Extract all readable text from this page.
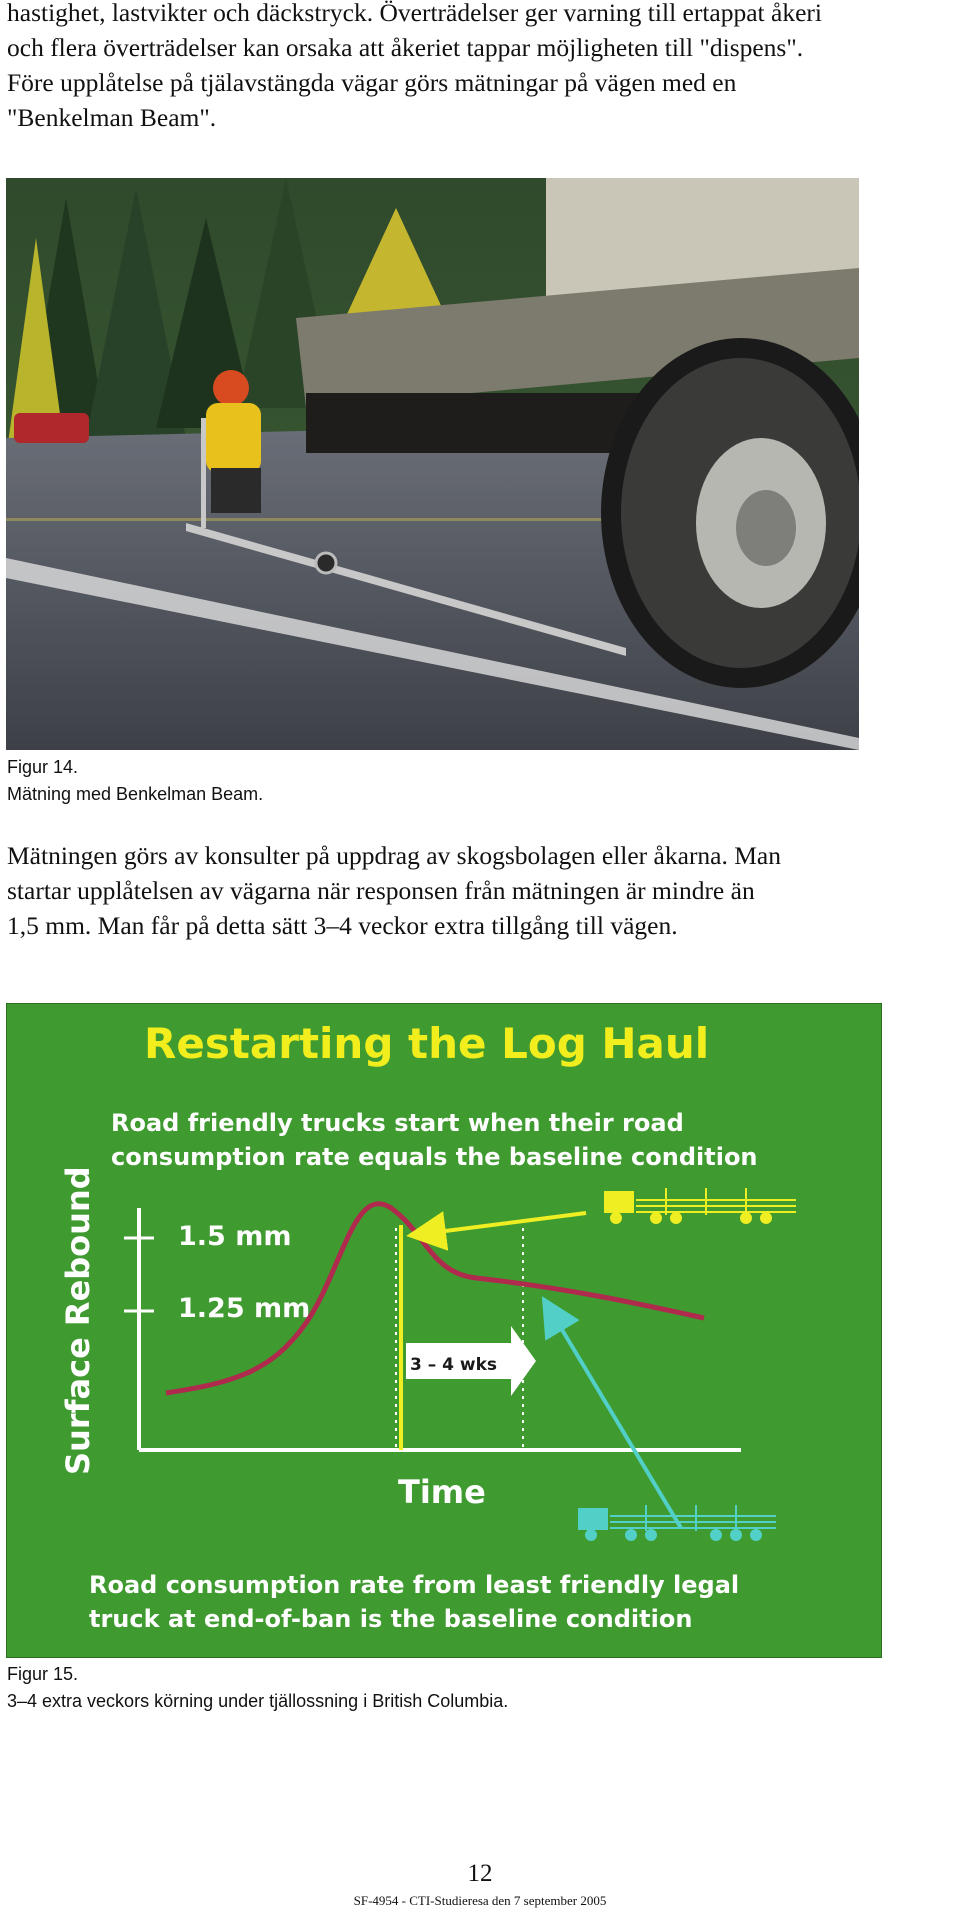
hastighet, lastvikter och däckstryck. Överträdelser ger varning till ertappat åkeri
och flera överträdelser kan orsaka att åkeriet tappar möjligheten till "dispens".
Före upplåtelse på tjälavstängda vägar görs mätningar på vägen med en
"Benkelman Beam".

Figur 14.
Mätning med Benkelman Beam.

Mätningen görs av konsulter på uppdrag av skogsbolagen eller åkarna. Man
startar upplåtelsen av vägarna när responsen från mätningen är mindre än
1,5 mm. Man får på detta sätt 3–4 veckor extra tillgång till vägen.

Restarting the Log Haul
Road friendly trucks start when their road
consumption rate equals the baseline condition
Surface Rebound
Time
1.5 mm
1.25 mm
3 – 4 wks
Road consumption rate from least friendly legal
truck at end-of-ban is the baseline condition
Figur 15.
3–4 extra veckors körning under tjällossning i British Columbia.
12
SF-4954 - CTI-Studieresa den 7 september 2005
